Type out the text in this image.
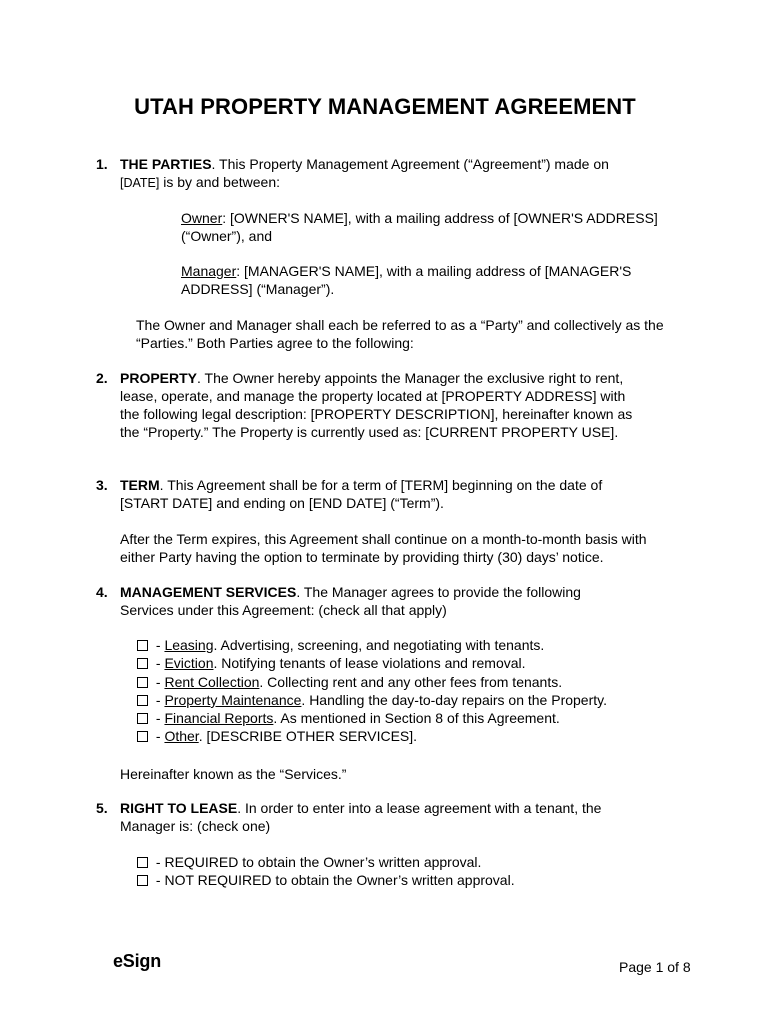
UTAH PROPERTY MANAGEMENT AGREEMENT
1. THE PARTIES. This Property Management Agreement (“Agreement”) made on
[DATE] is by and between:
Owner: [OWNER'S NAME], with a mailing address of [OWNER'S ADDRESS] (“Owner”), and
Manager: [MANAGER'S NAME], with a mailing address of [MANAGER'S ADDRESS] (“Manager”).
The Owner and Manager shall each be referred to as a “Party” and collectively as the “Parties.” Both Parties agree to the following:
2. PROPERTY. The Owner hereby appoints the Manager the exclusive right to rent, lease, operate, and manage the property located at [PROPERTY ADDRESS] with the following legal description: [PROPERTY DESCRIPTION], hereinafter known as the “Property.” The Property is currently used as: [CURRENT PROPERTY USE].
3. TERM. This Agreement shall be for a term of [TERM] beginning on the date of [START DATE] and ending on [END DATE] (“Term”).
After the Term expires, this Agreement shall continue on a month-to-month basis with either Party having the option to terminate by providing thirty (30) days’ notice.
4. MANAGEMENT SERVICES. The Manager agrees to provide the following Services under this Agreement: (check all that apply)
- Leasing. Advertising, screening, and negotiating with tenants.
- Eviction. Notifying tenants of lease violations and removal.
- Rent Collection. Collecting rent and any other fees from tenants.
- Property Maintenance. Handling the day-to-day repairs on the Property.
- Financial Reports. As mentioned in Section 8 of this Agreement.
- Other. [DESCRIBE OTHER SERVICES].
Hereinafter known as the “Services.”
5. RIGHT TO LEASE. In order to enter into a lease agreement with a tenant, the Manager is: (check one)
- REQUIRED to obtain the Owner’s written approval.
- NOT REQUIRED to obtain the Owner’s written approval.
eSign	Page 1 of 8
